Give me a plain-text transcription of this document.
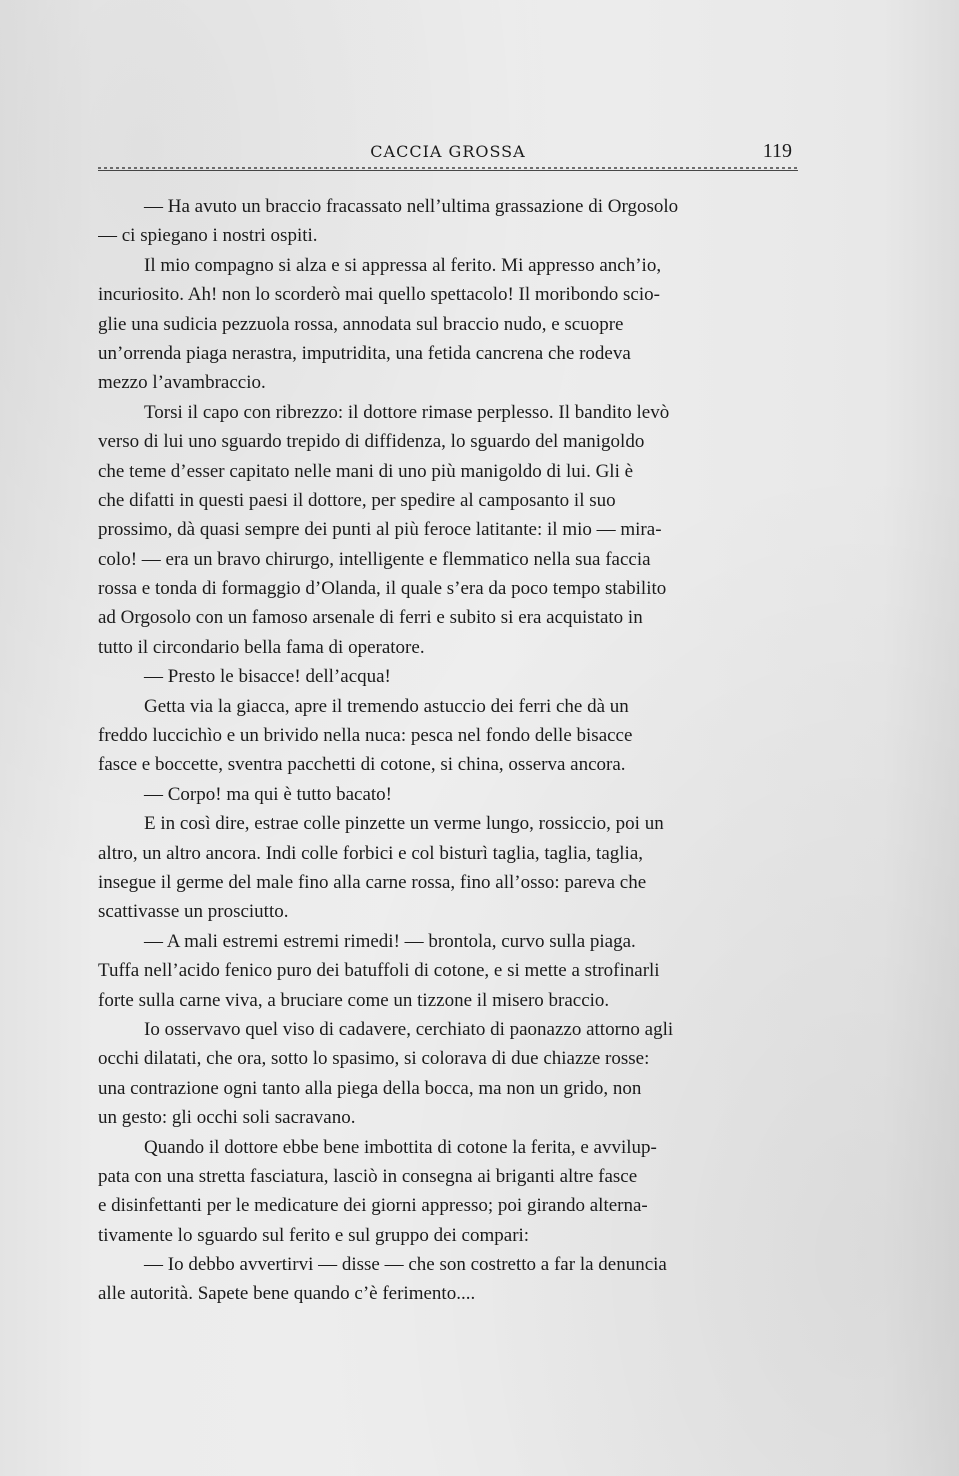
CACCIA GROSSA	119
— Ha avuto un braccio fracassato nell’ultima grassazione di Orgosolo
— ci spiegano i nostri ospiti.
Il mio compagno si alza e si appressa al ferito. Mi appresso anch’io,
incuriosito. Ah! non lo scorderò mai quello spettacolo! Il moribondo scio-
glie una sudicia pezzuola rossa, annodata sul braccio nudo, e scuopre
un’orrenda piaga nerastra, imputridita, una fetida cancrena che rodeva
mezzo l’avambraccio.
Torsi il capo con ribrezzo: il dottore rimase perplesso. Il bandito levò
verso di lui uno sguardo trepido di diffidenza, lo sguardo del manigoldo
che teme d’esser capitato nelle mani di uno più manigoldo di lui. Gli è
che difatti in questi paesi il dottore, per spedire al camposanto il suo
prossimo, dà quasi sempre dei punti al più feroce latitante: il mio — mira-
colo! — era un bravo chirurgo, intelligente e flemmatico nella sua faccia
rossa e tonda di formaggio d’Olanda, il quale s’era da poco tempo stabilito
ad Orgosolo con un famoso arsenale di ferri e subito si era acquistato in
tutto il circondario bella fama di operatore.
— Presto le bisacce! dell’acqua!
Getta via la giacca, apre il tremendo astuccio dei ferri che dà un
freddo luccichìo e un brivido nella nuca: pesca nel fondo delle bisacce
fasce e boccette, sventra pacchetti di cotone, si china, osserva ancora.
— Corpo! ma qui è tutto bacato!
E in così dire, estrae colle pinzette un verme lungo, rossiccio, poi un
altro, un altro ancora. Indi colle forbici e col bisturì taglia, taglia, taglia,
insegue il germe del male fino alla carne rossa, fino all’osso: pareva che
scattivasse un prosciutto.
— A mali estremi estremi rimedi! — brontola, curvo sulla piaga.
Tuffa nell’acido fenico puro dei batuffoli di cotone, e si mette a strofinarli
forte sulla carne viva, a bruciare come un tizzone il misero braccio.
Io osservavo quel viso di cadavere, cerchiato di paonazzo attorno agli
occhi dilatati, che ora, sotto lo spasimo, si colorava di due chiazze rosse:
una contrazione ogni tanto alla piega della bocca, ma non un grido, non
un gesto: gli occhi soli sacravano.
Quando il dottore ebbe bene imbottita di cotone la ferita, e avvilup-
pata con una stretta fasciatura, lasciò in consegna ai briganti altre fasce
e disinfettanti per le medicature dei giorni appresso; poi girando alterna-
tivamente lo sguardo sul ferito e sul gruppo dei compari:
— Io debbo avvertirvi — disse — che son costretto a far la denuncia
alle autorità. Sapete bene quando c’è ferimento....
